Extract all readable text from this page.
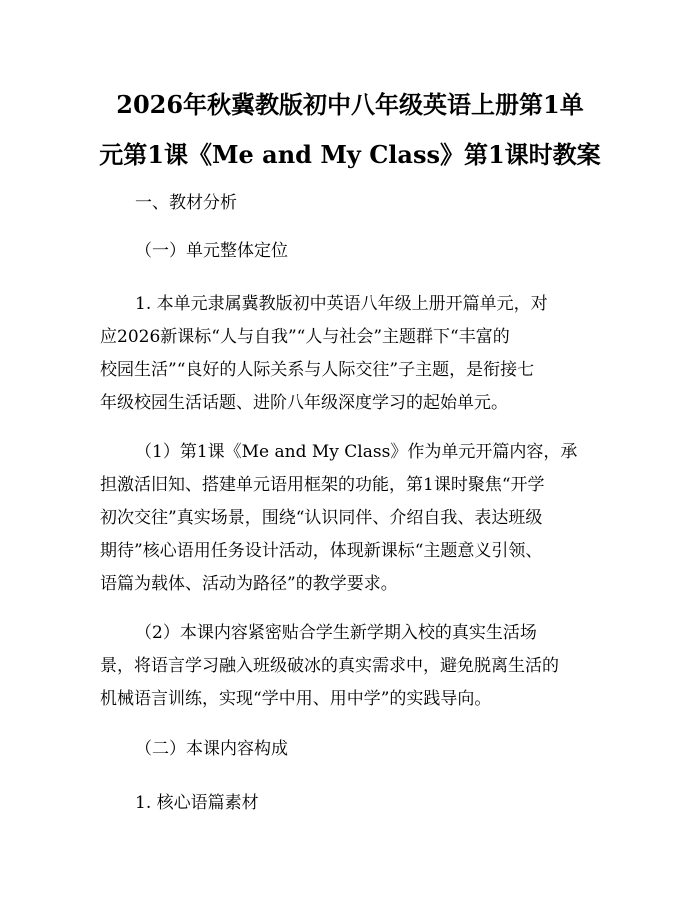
2026年秋冀教版初中八年级英语上册第1单
元第1课《Me and My Class》第1课时教案
一、教材分析
（一）单元整体定位
1. 本单元隶属冀教版初中英语八年级上册开篇单元，对
应2026新课标“人与自我”“人与社会”主题群下“丰富的
校园生活”“良好的人际关系与人际交往”子主题，是衔接七
年级校园生活话题、进阶八年级深度学习的起始单元。
（1）第1课《Me and My Class》作为单元开篇内容，承
担激活旧知、搭建单元语用框架的功能，第1课时聚焦“开学
初次交往”真实场景，围绕“认识同伴、介绍自我、表达班级
期待”核心语用任务设计活动，体现新课标“主题意义引领、
语篇为载体、活动为路径”的教学要求。
（2）本课内容紧密贴合学生新学期入校的真实生活场
景，将语言学习融入班级破冰的真实需求中，避免脱离生活的
机械语言训练，实现“学中用、用中学”的实践导向。
（二）本课内容构成
1. 核心语篇素材
